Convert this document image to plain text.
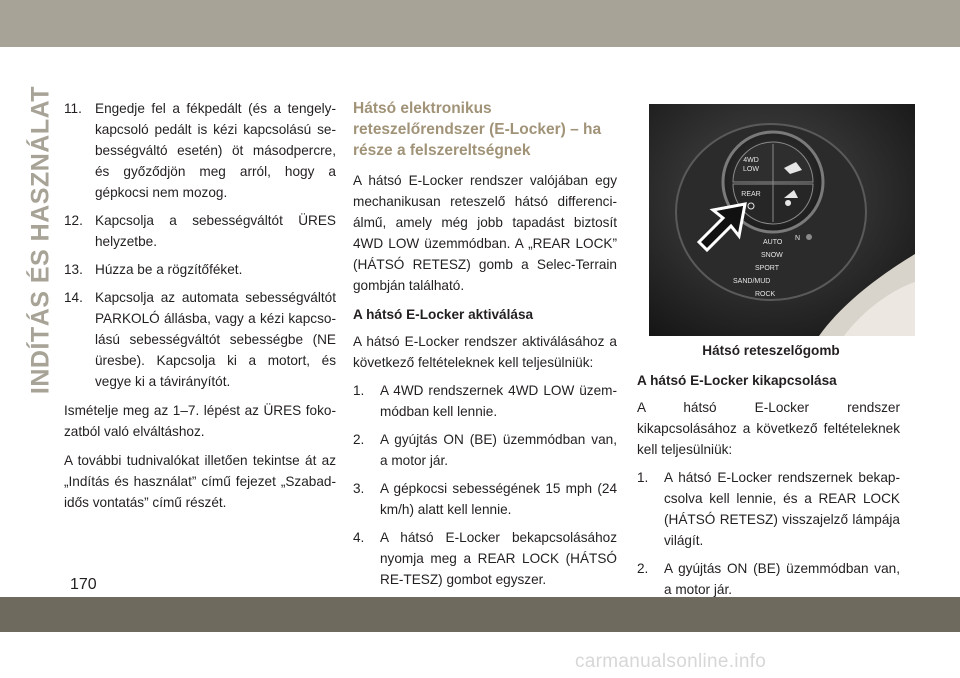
INDÍTÁS ÉS HASZNÁLAT 11. Engedje fel a fékpedált (és a tengely-kapcsoló pedált is kézi kapcsolású se-bességváltó esetén) öt másodpercre, és győződjön meg arról, hogy a gépkocsi nem mozog.
12. Kapcsolja a sebességváltót ÜRES helyzetbe.
13. Húzza be a rögzítőféket.
14. Kapcsolja az automata sebességváltót PARKOLÓ állásba, vagy a kézi kapcso-lású sebességváltót sebességbe (NE üresbe). Kapcsolja ki a motort, és vegye ki a távirányítót.

Ismételje meg az 1–7. lépést az ÜRES foko-zatból való elváltáshoz.

A további tudnivalókat illetően tekintse át az „Indítás és használat” című fejezet „Szabad-idős vontatás” című részét.

Hátsó elektronikus reteszelőrendszer (E-Locker) – ha része a felszereltségnek

A hátsó E-Locker rendszer valójában egy mechanikusan reteszelő hátsó differenci-álmű, amely még jobb tapadást biztosít 4WD LOW üzemmódban. A „REAR LOCK” (HÁTSÓ RETESZ) gomb a Selec-Terrain gombján található.

A hátsó E-Locker aktiválása

A hátsó E-Locker rendszer aktiválásához a következő feltételeknek kell teljesülniük:

1.	A 4WD rendszernek 4WD LOW üzem-módban kell lennie.
2.	A gyújtás ON (BE) üzemmódban van, a motor jár.
3.	A gépkocsi sebességének 15 mph (24 km/h) alatt kell lennie.
4.	A hátsó E-Locker bekapcsolásához nyomja meg a REAR LOCK (HÁTSÓ RE-TESZ) gombot egyszer.
4WD
LOW
REAR
AUTO
SNOW
SPORT
SAND/MUD
ROCK
N
Hátsó reteszelőgomb
A hátsó E-Locker kikapcsolása

A hátsó E-Locker rendszer kikapcsolásához a következő feltételeknek kell teljesülniük:

1.	A hátsó E-Locker rendszernek bekap-csolva kell lennie, és a REAR LOCK (HÁTSÓ RETESZ) visszajelző lámpája világít.
2.	A gyújtás ON (BE) üzemmódban van, a motor jár.
170
carmanualsonline.info
